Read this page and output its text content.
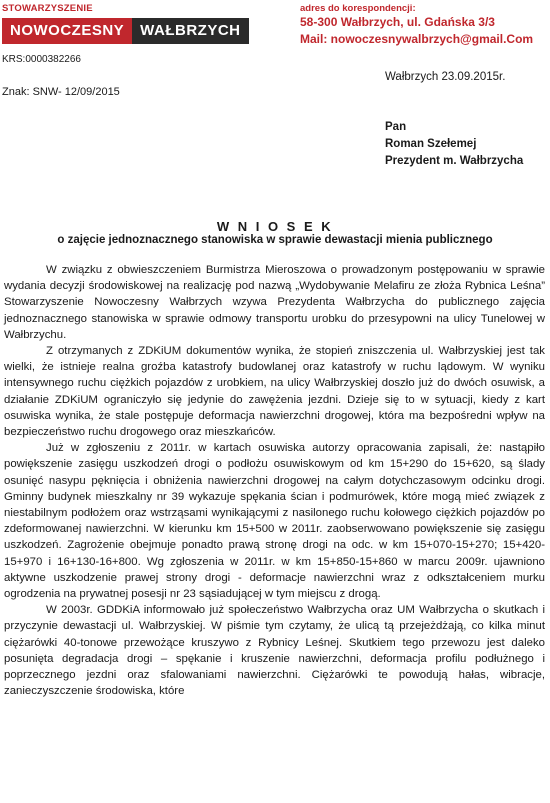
STOWARZYSZENIE
NOWOCZESNY	WAŁBRZYCH
KRS:0000382266
Znak: SNW- 12/09/2015
adres do korespondencji:
58-300 Wałbrzych, ul. Gdańska 3/3
Mail: nowoczesnywalbrzych@gmail.Com
Wałbrzych 23.09.2015r.
Pan
Roman Szełemej
Prezydent m. Wałbrzycha
W N I O S E K
o zajęcie jednoznacznego stanowiska w sprawie dewastacji mienia publicznego

W związku z obwieszczeniem Burmistrza Mieroszowa o prowadzonym postępowaniu w sprawie wydania decyzji środowiskowej na realizację pod nazwą „Wydobywanie Melafiru ze złoża Rybnica Leśna” Stowarzyszenie Nowoczesny Wałbrzych wzywa Prezydenta Wałbrzycha do publicznego zajęcia jednoznacznego stanowiska w sprawie odmowy transportu urobku do przesypowni na ulicy Tunelowej w Wałbrzychu.

Z otrzymanych z ZDKiUM dokumentów wynika, że stopień zniszczenia ul. Wałbrzyskiej jest tak wielki, że istnieje realna groźba katastrofy budowlanej oraz katastrofy w ruchu lądowym. W wyniku intensywnego ruchu ciężkich pojazdów z urobkiem, na ulicy Wałbrzyskiej doszło już do dwóch osuwisk, a działanie ZDKiUM ograniczyło się jedynie do zawężenia jezdni. Dzieje się to w sytuacji, kiedy z kart osuwiska wynika, że stale postępuje deformacja nawierzchni drogowej, która ma bezpośredni wpływ na bezpieczeństwo ruchu drogowego oraz mieszkańców.

Już w zgłoszeniu z 2011r. w kartach osuwiska autorzy opracowania zapisali, że: nastąpiło powiększenie zasięgu uszkodzeń drogi o podłożu osuwiskowym od km 15+290 do 15+620, są ślady osunięć nasypu pęknięcia i obniżenia nawierzchni drogowej na całym dotychczasowym odcinku drogi. Gminny budynek mieszkalny nr 39 wykazuje spękania ścian i podmurówek, które mogą mieć związek z niestabilnym podłożem oraz wstrząsami wynikającymi z nasilonego ruchu kołowego ciężkich pojazdów po zdeformowanej nawierzchni. W kierunku km 15+500 w 2011r. zaobserwowano powiększenie się zasięgu uszkodzeń. Zagrożenie obejmuje ponadto prawą stronę drogi na odc. w km 15+070-15+270; 15+420-15+970 i 16+130-16+800. Wg zgłoszenia w 2011r. w km 15+850-15+860 w marcu 2009r. ujawniono aktywne uszkodzenie prawej strony drogi - deformacje nawierzchni wraz z odkształceniem murku ogrodzenia na prywatnej posesji nr 23 sąsiadującej w tym miejscu z drogą.

W 2003r. GDDKiA informowało już społeczeństwo Wałbrzycha oraz UM Wałbrzycha o skutkach i przyczynie dewastacji ul. Wałbrzyskiej. W piśmie tym czytamy, że ulicą tą przejeżdżają, co kilka minut ciężarówki 40-tonowe przewożące kruszywo z Rybnicy Leśnej. Skutkiem tego przewozu jest daleko posunięta degradacja drogi – spękanie i kruszenie nawierzchni, deformacja profilu podłużnego i poprzecznego jezdni oraz sfalowaniami nawierzchni. Ciężarówki te powodują hałas, wibracje, zanieczyszczenie środowiska, które
